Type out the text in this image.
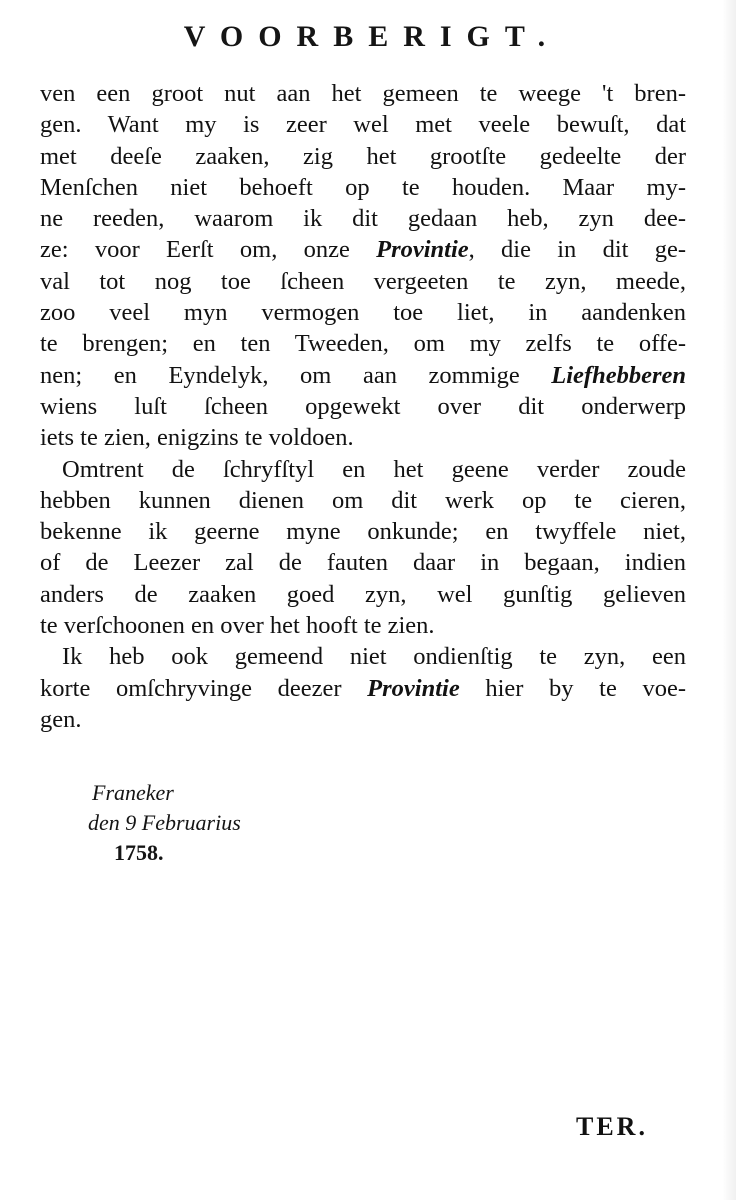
VOORBERIGT.
ven een groot nut aan het gemeen te weege 't bren-
gen. Want my is zeer wel met veele bewuſt, dat
met deeſe zaaken, zig het grootſte gedeelte der
Menſchen niet behoeft op te houden. Maar my-
ne reeden, waarom ik dit gedaan heb, zyn dee-
ze: voor Eerſt om, onze Provintie, die in dit ge-
val tot nog toe ſcheen vergeeten te zyn, meede,
zoo veel myn vermogen toe liet, in aandenken
te brengen; en ten Tweeden, om my zelfs te offe-
nen; en Eyndelyk, om aan zommige Liefhebberen
wiens luſt ſcheen opgewekt over dit onderwerp
iets te zien, enigzins te voldoen.
Omtrent de ſchryfſtyl en het geene verder zoude
hebben kunnen dienen om dit werk op te cieren,
bekenne ik geerne myne onkunde; en twyffele niet,
of de Leezer zal de fauten daar in begaan, indien
anders de zaaken goed zyn, wel gunſtig gelieven
te verſchoonen en over het hooft te zien.
Ik heb ook gemeend niet ondienſtig te zyn, een
korte omſchryvinge deezer Provintie hier by te voe-
gen.
Franeker
den 9 Februarius
1758.
TER.
